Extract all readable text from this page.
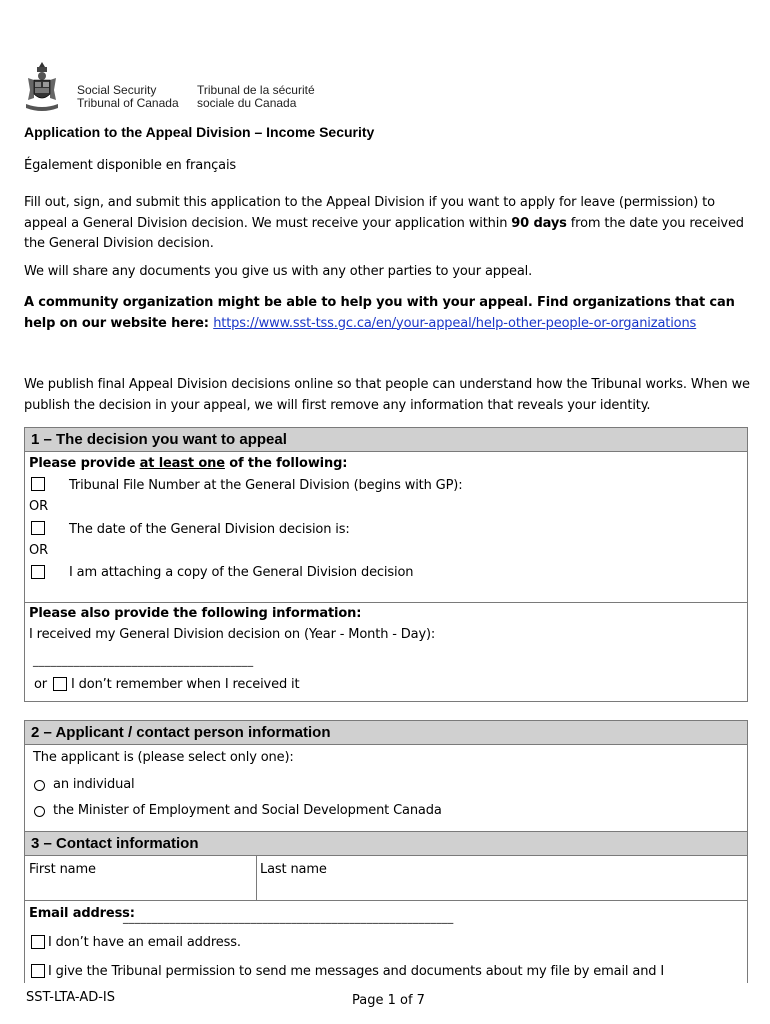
Social Security
Tribunal of Canada
Tribunal de la sécurité
sociale du Canada
Application to the Appeal Division – Income Security
Également disponible en français
Fill out, sign, and submit this application to the Appeal Division if you want to apply for leave (permission) to appeal a General Division decision. We must receive your application within 90 days from the date you received the General Division decision.
We will share any documents you give us with any other parties to your appeal.
A community organization might be able to help you with your appeal. Find organizations that can help on our website here: https://www.sst-tss.gc.ca/en/your-appeal/help-other-people-or-organizations
We publish final Appeal Division decisions online so that people can understand how the Tribunal works. When we publish the decision in your appeal, we will first remove any information that reveals your identity.
1 – The decision you want to appeal
Please provide at least one of the following:
Tribunal File Number at the General Division (begins with GP):
OR
The date of the General Division decision is:
OR
I am attaching a copy of the General Division decision
Please also provide the following information:
I received my General Division decision on (Year - Month - Day):
______________________________________
or I don’t remember when I received it
2 – Applicant / contact person information
The applicant is (please select only one):
an individual
the Minister of Employment and Social Development Canada
3 – Contact information
First name	Last name
Email address:
_________________________________________________________
I don’t have an email address.
I give the Tribunal permission to send me messages and documents about my file by email and I
SST-LTA-AD-IS	Page 1 of 7
